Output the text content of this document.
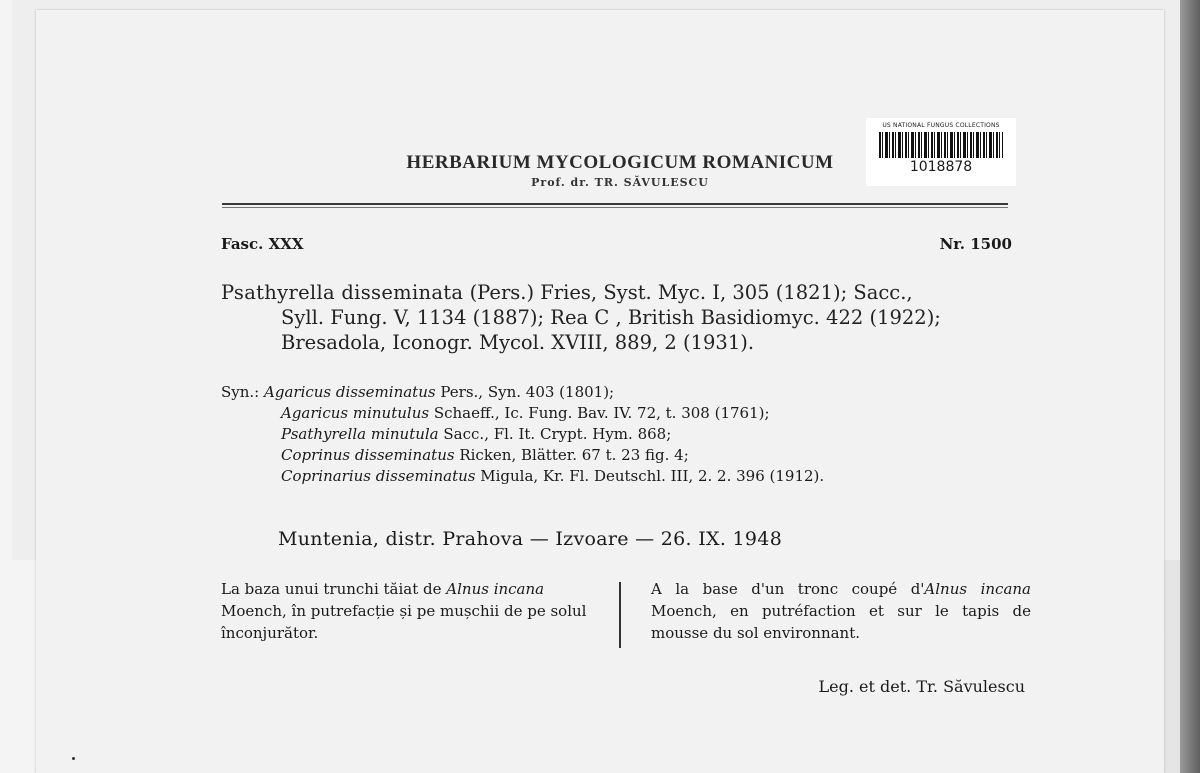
HERBARIUM MYCOLOGICUM ROMANICUM
Prof. dr. TR. SĂVULESCU
US NATIONAL FUNGUS COLLECTIONS
1018878
Fasc. XXX	Nr. 1500
Psathyrella disseminata (Pers.) Fries, Syst. Myc. I, 305 (1821); Sacc.,
Syll. Fung. V, 1134 (1887); Rea C , British Basidiomyc. 422 (1922);
Bresadola, Iconogr. Mycol. XVIII, 889, 2 (1931).
Syn.: Agaricus disseminatus Pers., Syn. 403 (1801);
Agaricus minutulus Schaeff., Ic. Fung. Bav. IV. 72, t. 308 (1761);
Psathyrella minutula Sacc., Fl. It. Crypt. Hym. 868;
Coprinus disseminatus Ricken, Blätter. 67 t. 23 fig. 4;
Coprinarius disseminatus Migula, Kr. Fl. Deutschl. III, 2. 2. 396 (1912).
Muntenia, distr. Prahova — Izvoare — 26. IX. 1948
La baza unui trunchi tăiat de Alnus incana Moench, în putrefacție și pe mușchii de pe solul înconjurător.
A la base d'un tronc coupé d'Alnus incana Moench, en putréfaction et sur le tapis de mousse du sol environnant.
Leg. et det. Tr. Săvulescu
